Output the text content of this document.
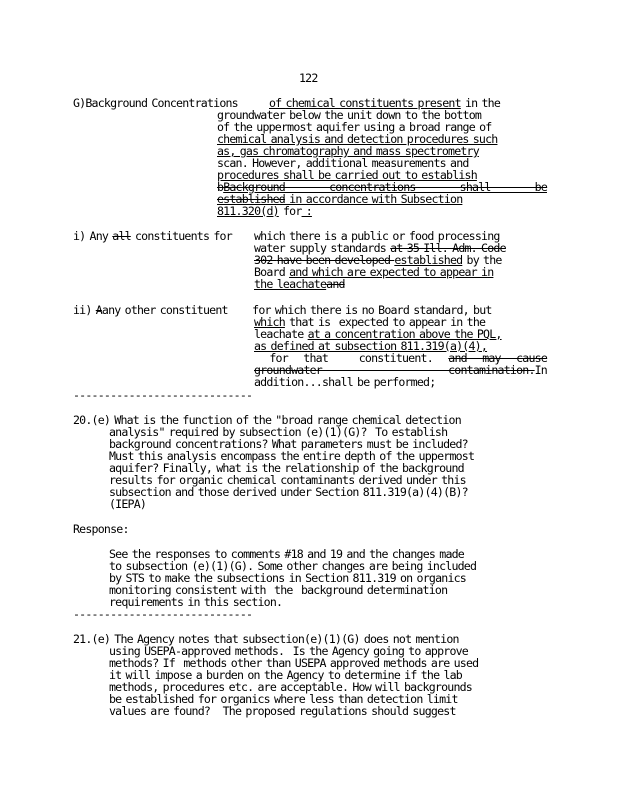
122
G)Background Concentrations	of chemical constituents present in the
groundwater below the unit down to the bottom
of the uppermost aquifer using a broad range of
chemical analysis and detection procedures such
as, gas chromatography and mass spectrometry
scan. However, additional measurements and
procedures shall be carried out to establish
bBackground concentrations shall be
established in accordance with Subsection
811.320(d) for :
i) Any all constituents for which there is a public or food processing
water supply standards at 35 Ill. Adm. Code
302 have been developed established by the
Board and which are expected to appear in
the leachateand
ii) Aany other constituent for which there is no Board standard, but
which that is  expected to appear in the
leachate at a concentration above the PQL,
as defined at subsection 811.319(a)(4),
for that  constituent. and may cause
groundwater contamination.In
addition...shall be performed;
-----------------------------
20.(e) What is the function of the "broad range chemical detection
analysis" required by subsection (e)(1)(G)?  To establish
background concentrations? What parameters must be included?
Must this analysis encompass the entire depth of the uppermost
aquifer? Finally, what is the relationship of the background
results for organic chemical contaminants derived under this
subsection and those derived under Section 811.319(a)(4)(B)?
(IEPA)
Response:
See the responses to comments #18 and 19 and the changes made
to subsection (e)(1)(G). Some other changes are being included
by STS to make the subsections in Section 811.319 on organics
monitoring consistent with  the  background determination
requirements in this section.
-----------------------------
21.(e) The Agency notes that subsection(e)(1)(G) does not mention
using USEPA-approved methods.  Is the Agency going to approve
methods? If  methods other than USEPA approved methods are used
it will impose a burden on the Agency to determine if the lab
methods, procedures etc. are acceptable. How will backgrounds
be established for organics where less than detection limit
values are found?   The proposed regulations should suggest
